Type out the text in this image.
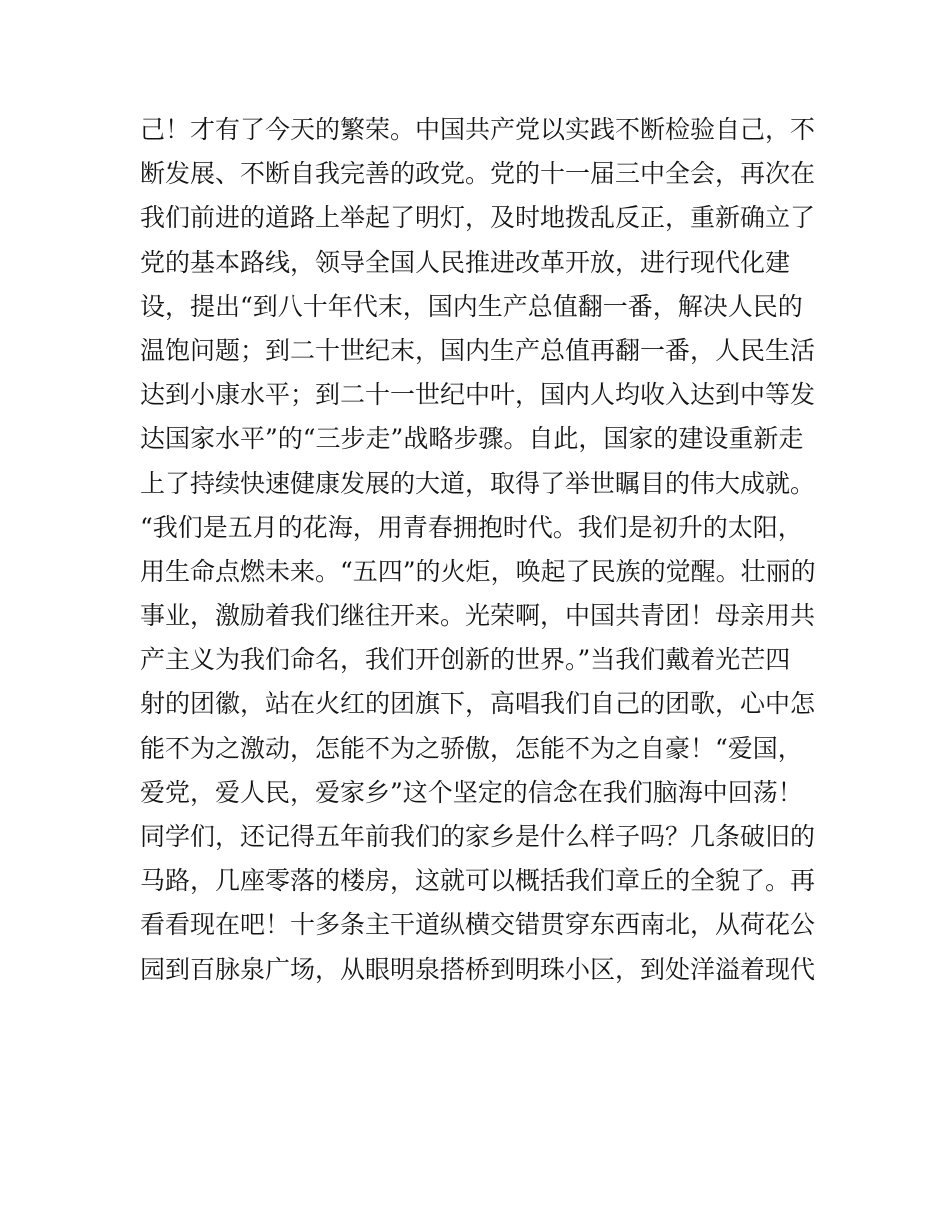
己！才有了今天的繁荣。中国共产党以实践不断检验自己，不
断发展、不断自我完善的政党。党的十一届三中全会，再次在
我们前进的道路上举起了明灯，及时地拨乱反正，重新确立了
党的基本路线，领导全国人民推进改革开放，进行现代化建
设，提出“到八十年代末，国内生产总值翻一番，解决人民的
温饱问题；到二十世纪末，国内生产总值再翻一番，人民生活
达到小康水平；到二十一世纪中叶，国内人均收入达到中等发
达国家水平”的“三步走”战略步骤。自此，国家的建设重新走
上了持续快速健康发展的大道，取得了举世瞩目的伟大成就。
“我们是五月的花海，用青春拥抱时代。我们是初升的太阳，
用生命点燃未来。“五四”的火炬，唤起了民族的觉醒。壮丽的
事业，激励着我们继往开来。光荣啊，中国共青团！母亲用共
产主义为我们命名，我们开创新的世界。”当我们戴着光芒四
射的团徽，站在火红的团旗下，高唱我们自己的团歌，心中怎
能不为之激动，怎能不为之骄傲，怎能不为之自豪！“爱国，
爱党，爱人民，爱家乡”这个坚定的信念在我们脑海中回荡！
同学们，还记得五年前我们的家乡是什么样子吗？几条破旧的
马路，几座零落的楼房，这就可以概括我们章丘的全貌了。再
看看现在吧！十多条主干道纵横交错贯穿东西南北，从荷花公
园到百脉泉广场，从眼明泉搭桥到明珠小区，到处洋溢着现代
